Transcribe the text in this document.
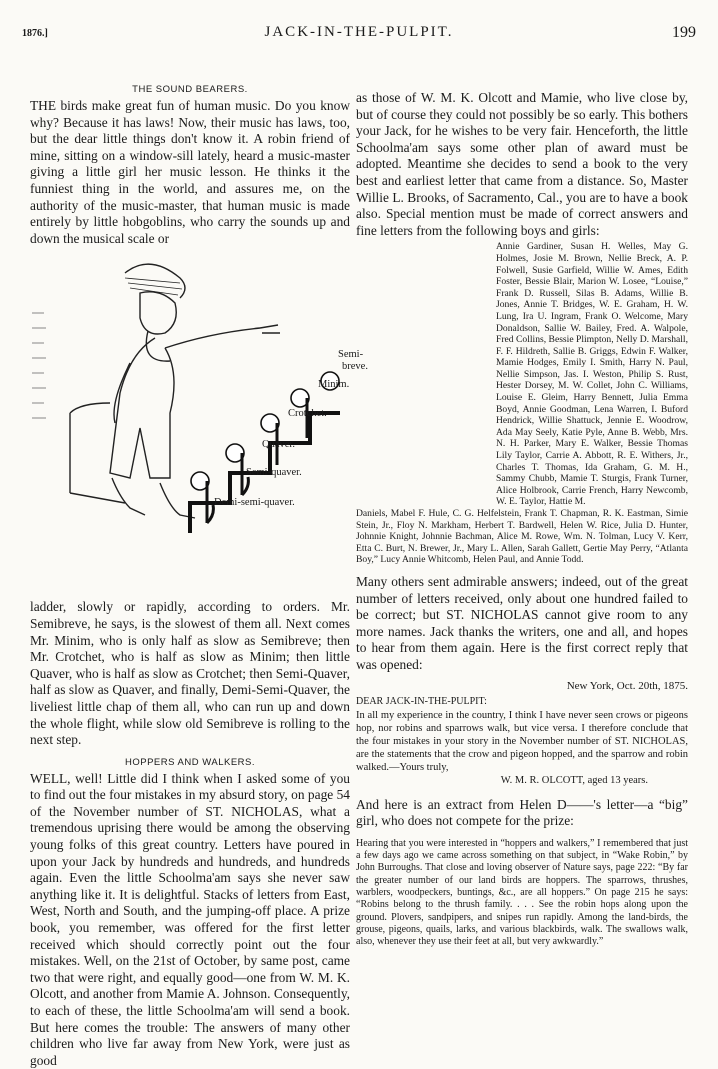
1876.]	JACK-IN-THE-PULPIT.	199
THE SOUND BEARERS.

THE birds make great fun of human music. Do you know why? Because it has laws! Now, their music has laws, too, but the dear little things don't know it. A robin friend of mine, sitting on a window-sill lately, heard a music-master giving a little girl her music lesson. He thinks it the funniest thing in the world, and assures me, on the authority of the music-master, that human music is made entirely by little hobgoblins, who carry the sounds up and down the musical scale or

Semi-
breve.
Minim.
Crotchet.
Quaver.
Semi-quaver.
Demi-semi-quaver.

ladder, slowly or rapidly, according to orders. Mr. Semibreve, he says, is the slowest of them all. Next comes Mr. Minim, who is only half as slow as Semibreve; then Mr. Crotchet, who is half as slow as Minim; then little Quaver, who is half as slow as Crotchet; then Semi-Quaver, half as slow as Quaver, and finally, Demi-Semi-Quaver, the liveliest little chap of them all, who can run up and down the whole flight, while slow old Semibreve is rolling to the next step.

HOPPERS AND WALKERS.

WELL, well! Little did I think when I asked some of you to find out the four mistakes in my absurd story, on page 54 of the November number of ST. NICHOLAS, what a tremendous uprising there would be among the observing young folks of this great country. Letters have poured in upon your Jack by hundreds and hundreds, and hundreds again. Even the little Schoolma'am says she never saw anything like it. It is delightful. Stacks of letters from East, West, North and South, and the jumping-off place. A prize book, you remember, was offered for the first letter received which should correctly point out the four mistakes. Well, on the 21st of October, by same post, came two that were right, and equally good—one from W. M. K. Olcott, and another from Mamie A. Johnson. Consequently, to each of these, the little Schoolma'am will send a book. But here comes the trouble: The answers of many other children who live far away from New York, were just as good

as those of W. M. K. Olcott and Mamie, who live close by, but of course they could not possibly be so early. This bothers your Jack, for he wishes to be very fair. Henceforth, the little Schoolma'am says some other plan of award must be adopted. Meantime she decides to send a book to the very best and earliest letter that came from a distance. So, Master Willie L. Brooks, of Sacramento, Cal., you are to have a book also. Special mention must be made of correct answers and fine letters from the following boys and girls:

Annie Gardiner, Susan H. Welles, May G. Holmes, Josie M. Brown, Nellie Breck, A. P. Folwell, Susie Garfield, Willie W. Ames, Edith Foster, Bessie Blair, Marion W. Losee, “Louise,” Frank D. Russell, Silas B. Adams, Willie B. Jones, Annie T. Bridges, W. E. Graham, H. W. Lung, Ira U. Ingram, Frank O. Welcome, Mary Donaldson, Sallie W. Bailey, Fred. A. Walpole, Fred Collins, Bessie Plimpton, Nelly D. Marshall, F. F. Hildreth, Sallie B. Griggs, Edwin F. Walker, Mamie Hodges, Emily I. Smith, Harry N. Paul, Nellie Simpson, Jas. I. Weston, Philip S. Rust, Hester Dorsey, M. W. Collet, John C. Williams, Louise E. Gleim, Harry Bennett, Julia Emma Boyd, Annie Goodman, Lena Warren, I. Buford Hendrick, Willie Shattuck, Jennie E. Woodrow, Ada May Seely, Katie Pyle, Anne B. Webb, Mrs. N. H. Parker, Mary E. Walker, Bessie Thomas Lily Taylor, Carrie A. Abbott, R. E. Withers, Jr., Charles T. Thomas, Ida Graham, G. M. H., Sammy Chubb, Mamie T. Sturgis, Frank Turner, Alice Holbrook, Carrie French, Harry Newcomb, W. E. Taylor, Hattie M.

Daniels, Mabel F. Hule, C. G. Helfelstein, Frank T. Chapman, R. K. Eastman, Simie Stein, Jr., Floy N. Markham, Herbert T. Bardwell, Helen W. Rice, Julia D. Hunter, Johnnie Knight, Johnnie Bachman, Alice M. Rowe, Wm. N. Tolman, Lucy V. Kerr, Etta C. Burt, N. Brewer, Jr., Mary L. Allen, Sarah Gallett, Gertie May Perry, “Atlanta Boy,” Lucy Annie Whitcomb, Helen Paul, and Annie Todd.

Many others sent admirable answers; indeed, out of the great number of letters received, only about one hundred failed to be correct; but ST. NICHOLAS cannot give room to any more names. Jack thanks the writers, one and all, and hopes to hear from them again. Here is the first correct reply that was opened:

New York, Oct. 20th, 1875.
DEAR JACK-IN-THE-PULPIT:

In all my experience in the country, I think I have never seen crows or pigeons hop, nor robins and sparrows walk, but vice versa. I therefore conclude that the four mistakes in your story in the November number of ST. NICHOLAS, are the statements that the crow and pigeon hopped, and the sparrow and robin walked.—Yours truly,

W. M. R. OLCOTT, aged 13 years.

And here is an extract from Helen D——'s letter—a “big” girl, who does not compete for the prize:

Hearing that you were interested in “hoppers and walkers,” I remembered that just a few days ago we came across something on that subject, in “Wake Robin,” by John Burroughs. That close and loving observer of Nature says, page 222: “By far the greater number of our land birds are hoppers. The sparrows, thrushes, warblers, woodpeckers, buntings, &c., are all hoppers.” On page 215 he says: “Robins belong to the thrush family. . . . See the robin hops along upon the ground. Plovers, sandpipers, and snipes run rapidly. Among the land-birds, the grouse, pigeons, quails, larks, and various blackbirds, walk. The swallows walk, also, whenever they use their feet at all, but very awkwardly.”
